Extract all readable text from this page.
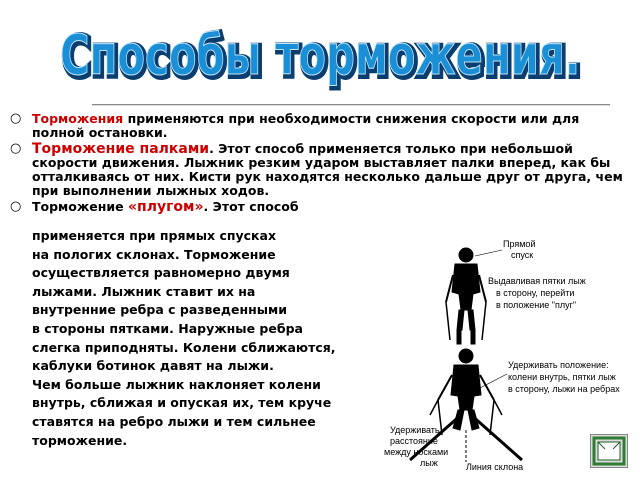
Способы торможения.
Способы торможения.
○ Торможения применяются при необходимости снижения скорости или для полной остановки.
○ Торможение палками. Этот способ применяется только при небольшой скорости движения. Лыжник резким ударом выставляет палки вперед, как бы отталкиваясь от них. Кисти рук находятся несколько дальше друг от друга, чем при выполнении лыжных ходов.
○ Торможение «плугом». Этот способ
применяется при прямых спусках
на пологих склонах. Торможение
осуществляется равномерно двумя
лыжами. Лыжник ставит их на
внутренние ребра с разведенными
в стороны пятками. Наружные ребра
слегка приподняты. Колени сближаются,
каблуки ботинок давят на лыжи.
Чем больше лыжник наклоняет колени
внутрь, сближая и опуская их, тем круче
ставятся на ребро лыжи и тем сильнее
торможение.
Прямой
спуск
Выдавливая пятки лыж
в сторону, перейти
в положение "плуг"
Удерживать положение:
колени внутрь, пятки лыж
в сторону, лыжи на ребрах
Удерживать
расстояние
между носками
лыж	Линия склона
